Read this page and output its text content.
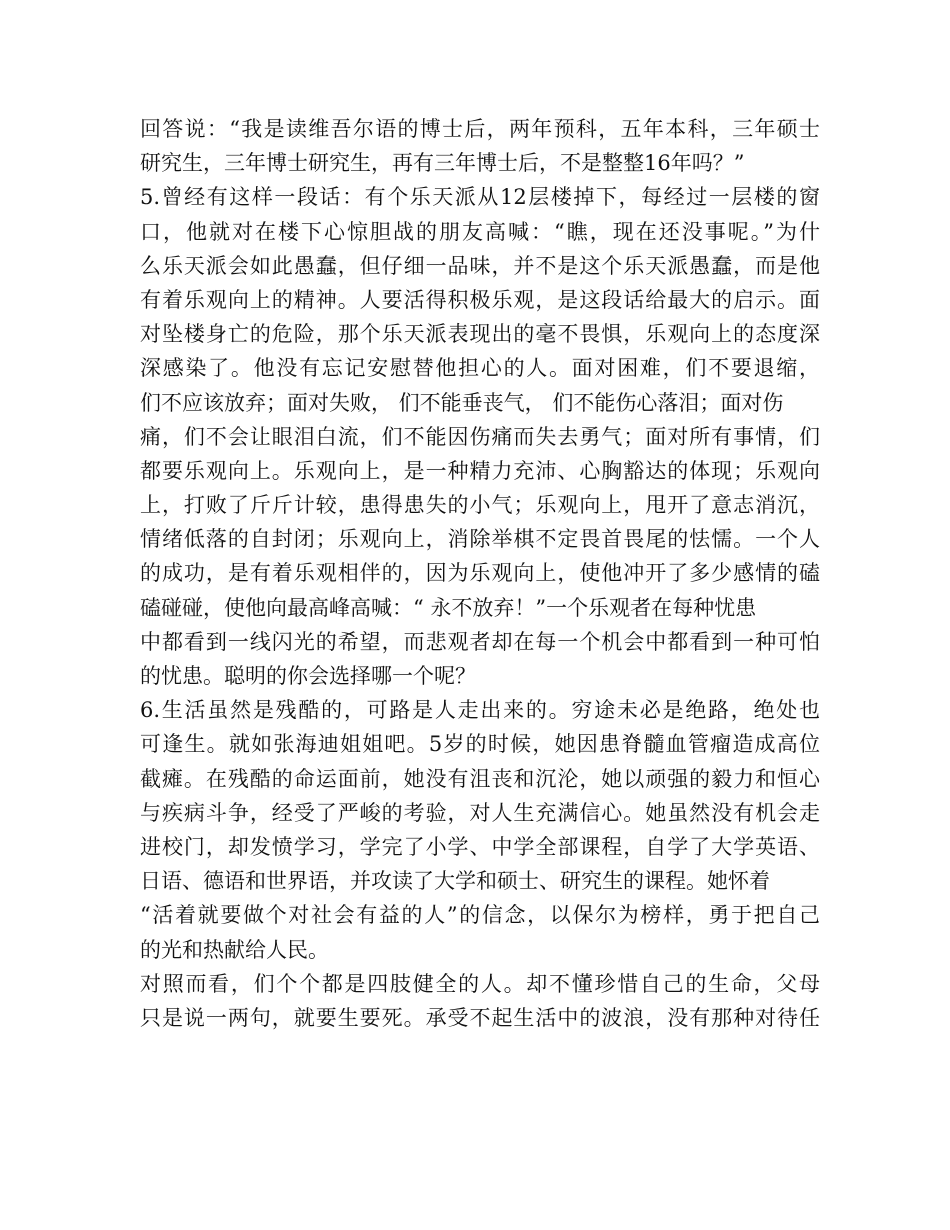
回答说：“我是读维吾尔语的博士后，两年预科，五年本科，三年硕士
研究生，三年博士研究生，再有三年博士后，不是整整16年吗？”
5.曾经有这样一段话：有个乐天派从12层楼掉下，每经过一层楼的窗
口，他就对在楼下心惊胆战的朋友高喊：“瞧，现在还没事呢。”为什
么乐天派会如此愚蠢，但仔细一品味，并不是这个乐天派愚蠢，而是他
有着乐观向上的精神。人要活得积极乐观，是这段话给最大的启示。面
对坠楼身亡的危险，那个乐天派表现出的毫不畏惧，乐观向上的态度深
深感染了。他没有忘记安慰替他担心的人。面对困难，们不要退缩，
们不应该放弃；面对失败， 们不能垂丧气， 们不能伤心落泪；面对伤
痛，们不会让眼泪白流，们不能因伤痛而失去勇气；面对所有事情，们
都要乐观向上。乐观向上，是一种精力充沛、心胸豁达的体现；乐观向
上，打败了斤斤计较，患得患失的小气；乐观向上，甩开了意志消沉，
情绪低落的自封闭；乐观向上，消除举棋不定畏首畏尾的怯懦。一个人
的成功，是有着乐观相伴的，因为乐观向上，使他冲开了多少感情的磕
磕碰碰，使他向最高峰高喊：“ 永不放弃！”一个乐观者在每种忧患
中都看到一线闪光的希望，而悲观者却在每一个机会中都看到一种可怕
的忧患。聪明的你会选择哪一个呢？
6.生活虽然是残酷的，可路是人走出来的。穷途未必是绝路，绝处也
可逢生。就如张海迪姐姐吧。5岁的时候，她因患脊髓血管瘤造成高位
截瘫。在残酷的命运面前，她没有沮丧和沉沦，她以顽强的毅力和恒心
与疾病斗争，经受了严峻的考验，对人生充满信心。她虽然没有机会走
进校门，却发愤学习，学完了小学、中学全部课程，自学了大学英语、
日语、德语和世界语，并攻读了大学和硕士、研究生的课程。她怀着
“活着就要做个对社会有益的人”的信念，以保尔为榜样，勇于把自己
的光和热献给人民。
对照而看，们个个都是四肢健全的人。却不懂珍惜自己的生命，父母
只是说一两句，就要生要死。承受不起生活中的波浪，没有那种对待任
